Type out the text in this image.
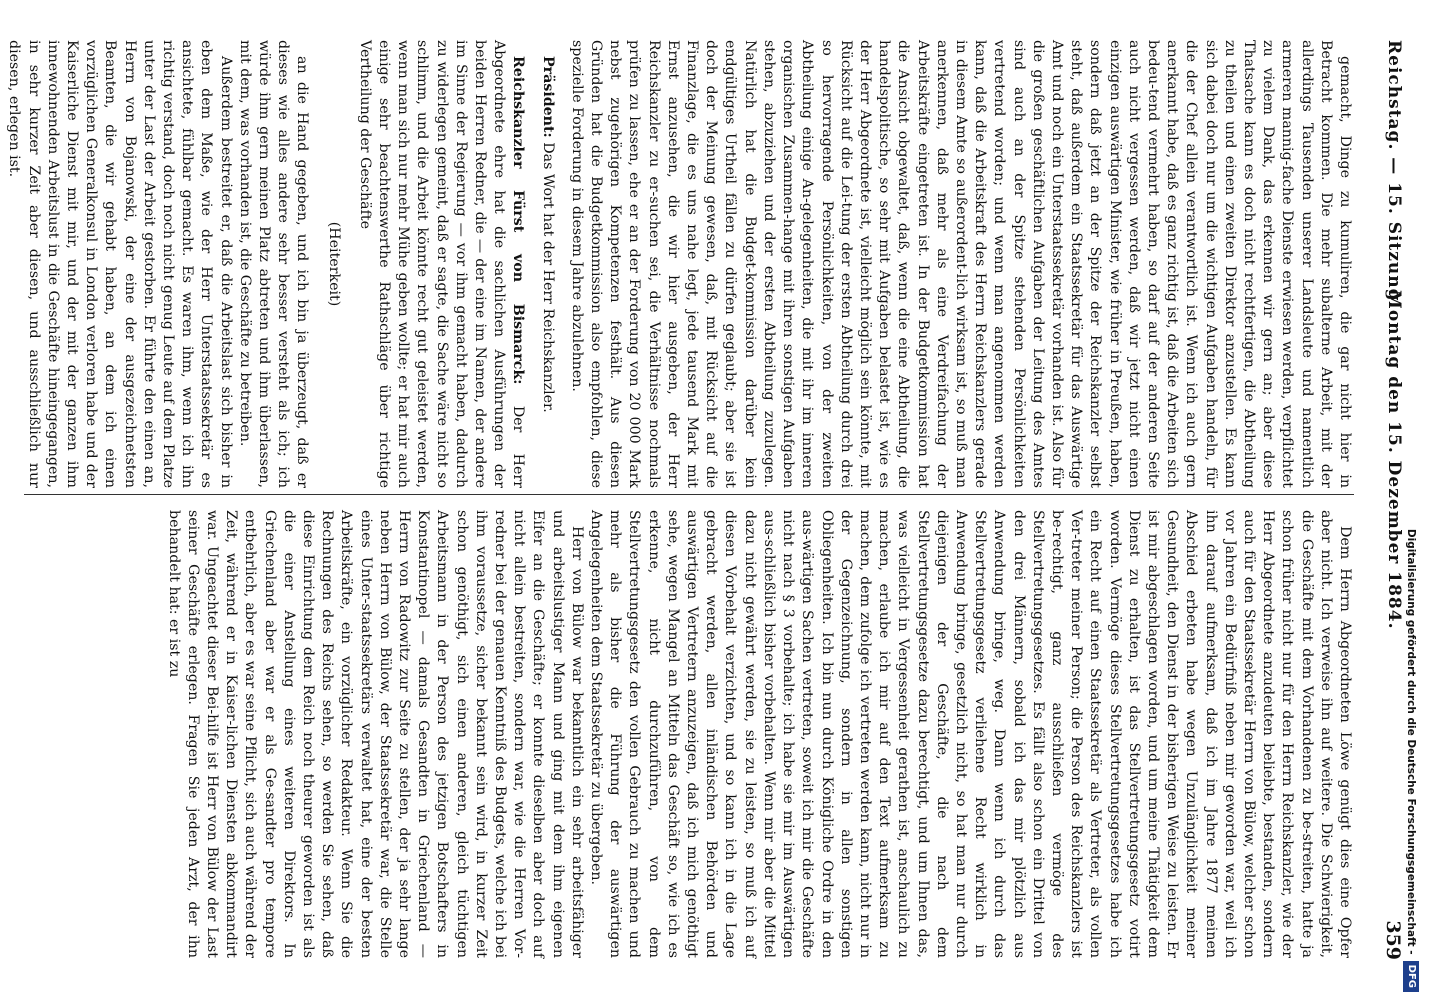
Reichstag. — 15. Sitzung.
Montag den 15. Dezember 1884.
359

gemacht, Dinge zu kumuliren, die gar nicht hier in Betracht kommen. Die mehr subalterne Arbeit, mit der allerdings Tausenden unserer Landsleute und namentlich armeren mannig-fache Dienste erwiesen werden, verpflichtet zu vielem Dank, das erkennen wir gern an; aber diese Thatsache kann es doch nicht rechtfertigen, die Abtheilung zu theilen und einen zweiten Direktor anzustellen. Es kann sich dabei doch nur um die wichtigen Aufgaben handeln, für die der Chef allein verantwortlich ist. Wenn ich auch gern anerkannt habe, daß es ganz richtig ist, daß die Arbeiten sich bedeu-tend vermehrt haben, so darf auf der anderen Seite auch nicht vergessen werden, daß wir jetzt nicht einen einzigen auswärtigen Minister, wie früher in Preußen, haben, sondern daß jetzt an der Spitze der Reichskanzler selbst steht, daß außerdem ein Staatssekretär für das Auswärtige Amt und noch ein Unterstaatssekretär vorhanden ist. Also für die großen geschäftlichen Aufgaben der Leitung des Amtes sind auch an der Spitze stehenden Persönlichkeiten vertretend worden; und wenn man angenommen werden kann, daß die Arbeitskraft des Herrn Reichskanzlers gerade in diesem Amte so außerordent-lich wirksam ist, so muß man anerkennen, daß mehr als eine Verdreifachung der Arbeitskräfte eingetreten ist. In der Budgetkommission hat die Ansicht obgewaltet, daß, wenn die eine Abtheilung, die handelspolitische, so sehr mit Aufgaben belastet ist, wie es der Herr Abgeordnete ist, vielleicht möglich sein könnte, mit Rücksicht auf die Lei-tung der ersten Abtheilung durch drei so hervorragende Persönlichkeiten, von der zweiten Abtheilung einige An-gelegenheiten, die mit ihr im inneren organischen Zusammen-hange mit ihren sonstigen Aufgaben stehen, abzuziehen und der ersten Abtheilung zuzulegen. Natürlich hat die Budget-kommission darüber kein endgültiges Urtheil fällen zu dürfen geglaubt; aber sie ist doch der Meinung gewesen, daß, mit Rücksicht auf die Finanzlage, die es uns nahe legt, jede tausend Mark mit Ernst anzusehen, die wir hier ausgeben, der Herr Reichskanzler zu er-suchen sei, die Verhältnisse nochmals prüfen zu lassen, ehe er an der Forderung von 20 000 Mark nebst zugehörigen Kompetenzen festhält. Aus diesen Gründen hat die Budgetkommission also empfohlen, diese spezielle Forderung in diesem Jahre abzulehnen.

Präsident: Das Wort hat der Herr Reichskanzler.

Reichskanzler Fürst von Bismarck: Der Herr Abgeordnete ehre hat die sachlichen Ausführungen der beiden Herren Redner, die — der eine im Namen, der andere im Sinne der Regierung — vor ihm gemacht haben, dadurch zu widerlegen gemeint, daß er sagte, die Sache wäre nicht so schlimm, und die Arbeit könnte recht gut geleistet werden, wenn man sich nur mehr Mühe geben wollte; er hat mir auch einige sehr beachtenswerthe Rathschläge über richtige Vertheilung der Geschäfte

(Heiterkeit)

an die Hand gegeben, und ich bin ja überzeugt, daß er dieses wie alles andere sehr besser versteht als ich; ich würde ihm gern meinen Platz abtreten und ihm überlassen, mit dem, was vorhanden ist, die Geschäfte zu betreiben.

Außerdem bestreitet er, daß die Arbeitslast sich bisher in eben dem Maße, wie der Herr Unterstaatssekretär es ansichtete, fühlbar gemacht. Es waren ihm, wenn ich ihn richtig verstand, doch noch nicht genug Leute auf dem Platze unter der Last der Arbeit gestorben. Er führte den einen an, Herrn von Bojanowski, der eine der ausgezeichnetsten Beamten, die wir gehabt haben, an dem ich einen vorzüglichen Generalkonsul in London verloren habe und der Kaiserliche Dienst mit mir, und der mit der ganzen ihm innewohnenden Arbeitslust in die Geschäfte hineingegangen, in sehr kurzer Zeit aber diesen, und ausschließlich nur diesen, erlegen ist.

Dem Herrn Abgeordneten Löwe genügt dies eine Opfer aber nicht. Ich verweise ihn auf weitere. Die Schwierigkeit, die Geschäfte mit dem Vorhandenen zu be-streiten, hatte ja schon früher nicht nur für den Herrn Reichskanzler, wie der Herr Abgeordnete anzudeuten beliebte, bestanden, sondern auch für den Staatssekretär Herrn von Bülow, welcher schon vor Jahren ein Bedürfniß neben mir geworden war, weil ich ihn darauf aufmerksam, daß ich im Jahre 1877 meinen Abschied erbeten habe wegen Unzulänglichkeit meiner Gesundheit, den Dienst in der bisherigen Weise zu leisten. Er ist mir abgeschlagen worden, und um meine Thätigkeit dem Dienst zu erhalten, ist das Stellvertretungsgesetz votirt worden. Vermöge dieses Stellvertretungsgesetzes habe ich ein Recht auf einen Staatssekretär als Vertreter, als vollen Ver-treter meiner Person; die Person des Reichskanzlers ist be-rechtigt, ganz ausschließen vermöge des Stellvertretungsgesetzes. Es fällt also schon ein Drittel von den drei Männern, sobald ich das mir plötzlich aus Anwendung bringe, weg. Dann wenn ich durch das Stellvertretungsgesetz verliehene Recht wirklich in Anwendung bringe, gesetzlich nicht, so hat man nur durch diejenigen der Geschäfte, die nach dem Stellvertretungsgesetze dazu berechtigt, und um Ihnen das, was vielleicht in Vergessenheit gerathen ist, anschaulich zu machen, erlaube ich mir auf den Text aufmerksam zu machen, dem zufolge ich vertreten werden kann, nicht nur in der Gegenzeichnung, sondern in allen sonstigen Obliegenheiten. Ich bin nun durch Königliche Ordre in den aus-wärtigen Sachen vertreten, soweit ich mir die Geschäfte nicht nach § 3 vorbehalte; ich habe sie mir im Auswärtigen aus-schließlich bisher vorbehalten. Wenn mir aber die Mittel dazu nicht gewährt werden, sie zu leisten, so muß ich auf diesen Vorbehalt verzichten, und so kann ich in die Lage gebracht werden, allen inländischen Behörden und auswärtigen Vertretern anzuzeigen, daß ich mich genöthigt sehe, wegen Mangel an Mitteln das Geschäft so, wie ich es erkenne, nicht durchzuführen, von dem Stellvertretungsgesetz den vollen Gebrauch zu machen und mehr als bisher die Führung der auswärtigen Angelegenheiten dem Staatssekretär zu übergeben.

Herr von Bülow war bekanntlich ein sehr arbeitsfähiger und arbeitslustiger Mann und ging mit dem ihm eigenen Eifer an die Geschäfte; er konnte dieselben aber doch auf nicht allein bestreiten, sondern war, wie die Herren Vor-redner bei der genauen Kenntniß des Budgets, welche ich bei ihm voraussetze, sicher bekannt sein wird, in kurzer Zeit schon genöthigt, sich einen anderen, gleich tüchtigen Arbeitsmann in der Person des jetzigen Botschafters in Konstantinopel — damals Gesandten in Griechenland — Herrn von Radowitz zur Seite zu stellen, der ja sehr lange neben Herrn von Bülow, der Staatssekretär war, die Stelle eines Unter-staatssekretärs verwaltet hat, eine der besten Arbeitskräfte, ein vorzüglicher Redakteur. Wenn Sie die Rechnungen des Reichs sehen, so werden Sie sehen, daß diese Einrichtung dem Reich noch theurer geworden ist als die einer Anstellung eines weiteren Direktors. In Griechenland aber war er als Ge-sandter pro tempore entbehrlich, aber es war seine Pflicht, sich auch während der Zeit, während er in Kaiser-lichen Diensten abkommandirt war. Ungeachtet dieser Bei-hilfe ist Herr von Bülow der Last seiner Geschäfte erlegen. Fragen Sie jeden Arzt, der ihn behandelt hat: er ist zu	Digitalisierung gefördert durch die Deutsche Forschungsgemeinschaft -
DFG
